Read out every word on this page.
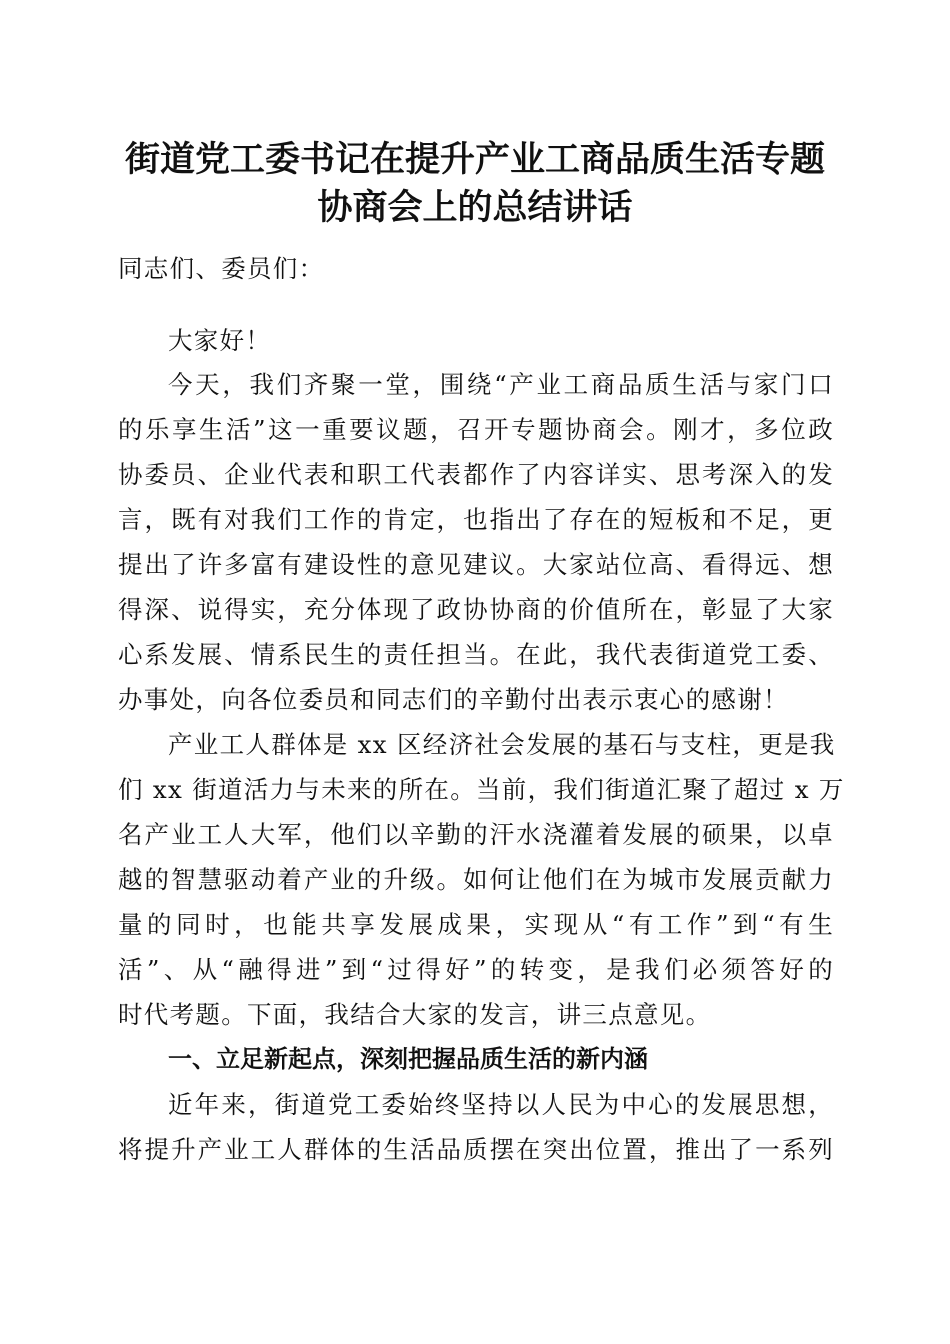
街道党工委书记在提升产业工商品质生活专题
协商会上的总结讲话
同志们、委员们：
大家好！
今天，我们齐聚一堂，围绕“产业工商品质生活与家门口
的乐享生活”这一重要议题，召开专题协商会。刚才，多位政
协委员、企业代表和职工代表都作了内容详实、思考深入的发
言，既有对我们工作的肯定，也指出了存在的短板和不足，更
提出了许多富有建设性的意见建议。大家站位高、看得远、想
得深、说得实，充分体现了政协协商的价值所在，彰显了大家
心系发展、情系民生的责任担当。在此，我代表街道党工委、
办事处，向各位委员和同志们的辛勤付出表示衷心的感谢！
产业工人群体是 xx 区经济社会发展的基石与支柱，更是我
们 xx 街道活力与未来的所在。当前，我们街道汇聚了超过 x 万
名产业工人大军，他们以辛勤的汗水浇灌着发展的硕果，以卓
越的智慧驱动着产业的升级。如何让他们在为城市发展贡献力
量的同时，也能共享发展成果，实现从“有工作”到“有生
活”、从“融得进”到“过得好”的转变，是我们必须答好的
时代考题。下面，我结合大家的发言，讲三点意见。
一、立足新起点，深刻把握品质生活的新内涵
近年来，街道党工委始终坚持以人民为中心的发展思想，
将提升产业工人群体的生活品质摆在突出位置，推出了一系列
